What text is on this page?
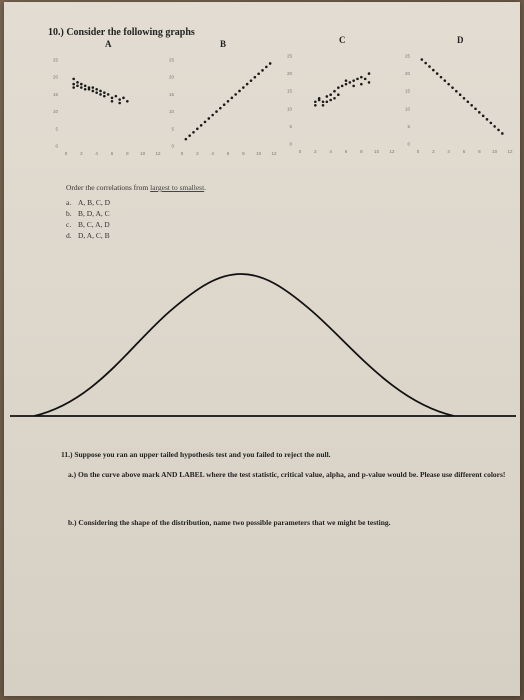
10.) Consider the following graphs
A	B	C	D
25
20
15
10
5
0
0	2	4	6	8	10 12
25
20
15
10
5
0
0	2	4	6	8	10 12
25
20
15
10
5
0
0	2	4	6	8	10 12
25
20
15
10
5
0
0	2	4	6	8	10 12
Order the correlations from largest to smallest.
a. A, B, C, D
b. B, D, A, C
c. B, C, A, D
d. D, A, C, B
11.) Suppose you ran an upper tailed hypothesis test and you failed to reject the null.
a.) On the curve above mark AND LABEL where the test statistic, critical value, alpha, and p-value would be. Please use different colors!
b.) Considering the shape of the distribution, name two possible parameters that we might be testing.
